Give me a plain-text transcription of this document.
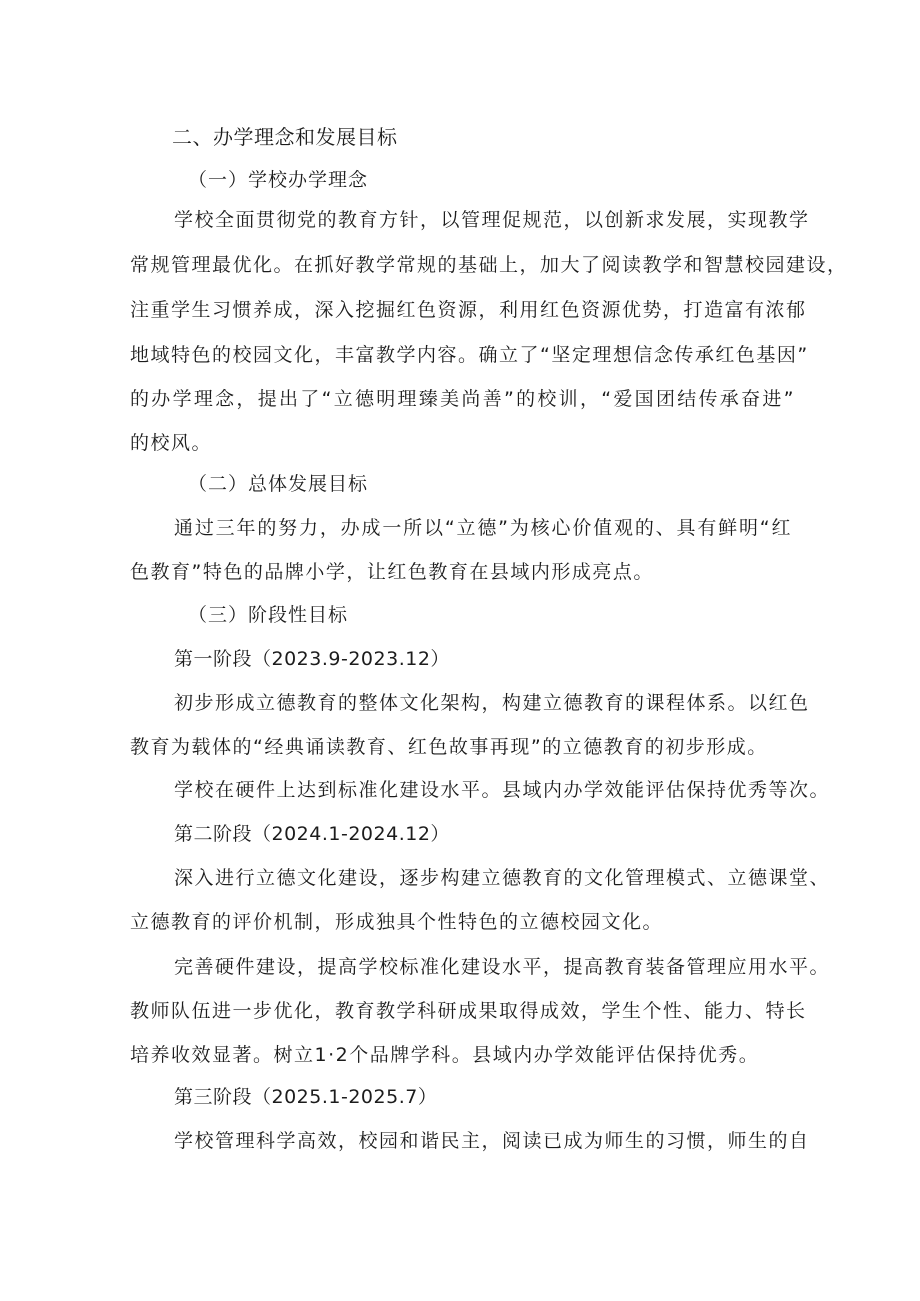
二、办学理念和发展目标

（一）学校办学理念

学校全面贯彻党的教育方针，以管理促规范，以创新求发展，实现教学

常规管理最优化。在抓好教学常规的基础上，加大了阅读教学和智慧校园建设，

注重学生习惯养成，深入挖掘红色资源，利用红色资源优势，打造富有浓郁

地域特色的校园文化，丰富教学内容。确立了“坚定理想信念传承红色基因”

的办学理念，提出了“立德明理臻美尚善”的校训，“爱国团结传承奋进”

的校风。

（二）总体发展目标

通过三年的努力，办成一所以“立德”为核心价值观的、具有鲜明“红

色教育”特色的品牌小学，让红色教育在县域内形成亮点。

（三）阶段性目标

第一阶段（2023.9-2023.12）

初步形成立德教育的整体文化架构，构建立德教育的课程体系。以红色

教育为载体的“经典诵读教育、红色故事再现”的立德教育的初步形成。

学校在硬件上达到标准化建设水平。县域内办学效能评估保持优秀等次。

第二阶段（2024.1-2024.12）

深入进行立德文化建设，逐步构建立德教育的文化管理模式、立德课堂、

立德教育的评价机制，形成独具个性特色的立德校园文化。

完善硬件建设，提高学校标准化建设水平，提高教育装备管理应用水平。

教师队伍进一步优化，教育教学科研成果取得成效，学生个性、能力、特长

培养收效显著。树立1·2个品牌学科。县域内办学效能评估保持优秀。

第三阶段（2025.1-2025.7）

学校管理科学高效，校园和谐民主，阅读已成为师生的习惯，师生的自
